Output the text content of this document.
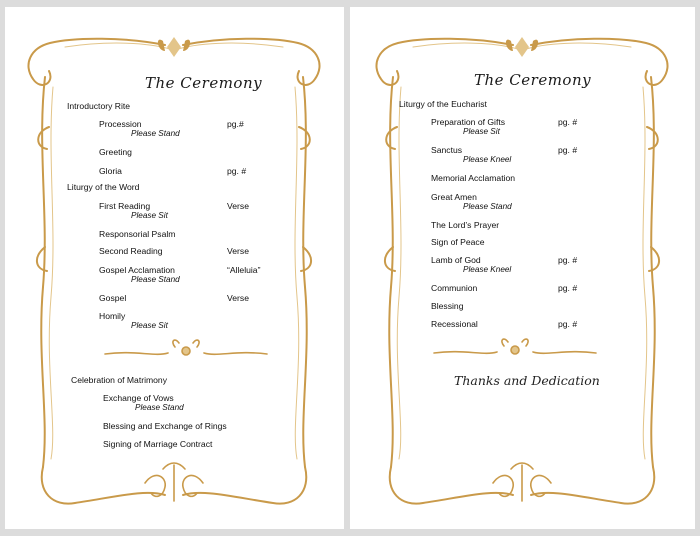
The Ceremony
Introductory Rite
Procession	pg.#
Please Stand
Greeting
Gloria	pg. #
Liturgy of the Word
First Reading	Verse
Please Sit
Responsorial Psalm
Second Reading	Verse
Gospel Acclamation	“Alleluia”
Please Stand
Gospel	Verse
Homily
Please Sit
Celebration of Matrimony
Exchange of Vows
Please Stand
Blessing and Exchange of Rings
Signing of Marriage Contract
The Ceremony
Liturgy of the Eucharist
Preparation of Gifts	pg. #
Please Sit
Sanctus	pg. #
Please Kneel
Memorial Acclamation
Great Amen
Please Stand
The Lord’s Prayer
Sign of Peace
Lamb of God	pg. #
Please Kneel
Communion	pg. #
Blessing
Recessional	pg. #
Thanks and Dedication
